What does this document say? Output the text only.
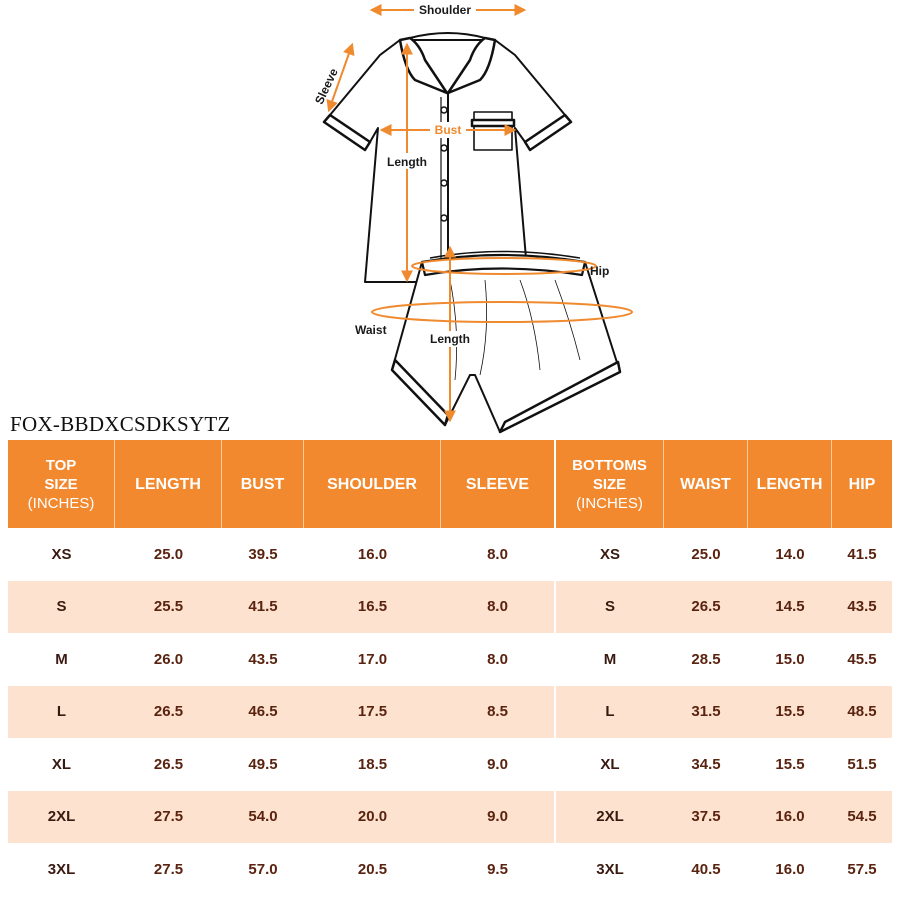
Shoulder
Sleeve
Bust
Length
Hip
Waist
Length
FOX-BBDXCSDKSYTZ
TOP
SIZE
(INCHES)
LENGTH	BUST	SHOULDER	SLEEVE
XS	25.0	39.5	16.0	8.0
S	25.5	41.5	16.5	8.0
M	26.0	43.5	17.0	8.0
L	26.5	46.5	17.5	8.5
XL	26.5	49.5	18.5	9.0
2XL	27.5	54.0	20.0	9.0
3XL	27.5	57.0	20.5	9.5
BOTTOMS
SIZE
(INCHES)
WAIST	LENGTH	HIP
XS	25.0	14.0	41.5
S	26.5	14.5	43.5
M	28.5	15.0	45.5
L	31.5	15.5	48.5
XL	34.5	15.5	51.5
2XL	37.5	16.0	54.5
3XL	40.5	16.0	57.5
